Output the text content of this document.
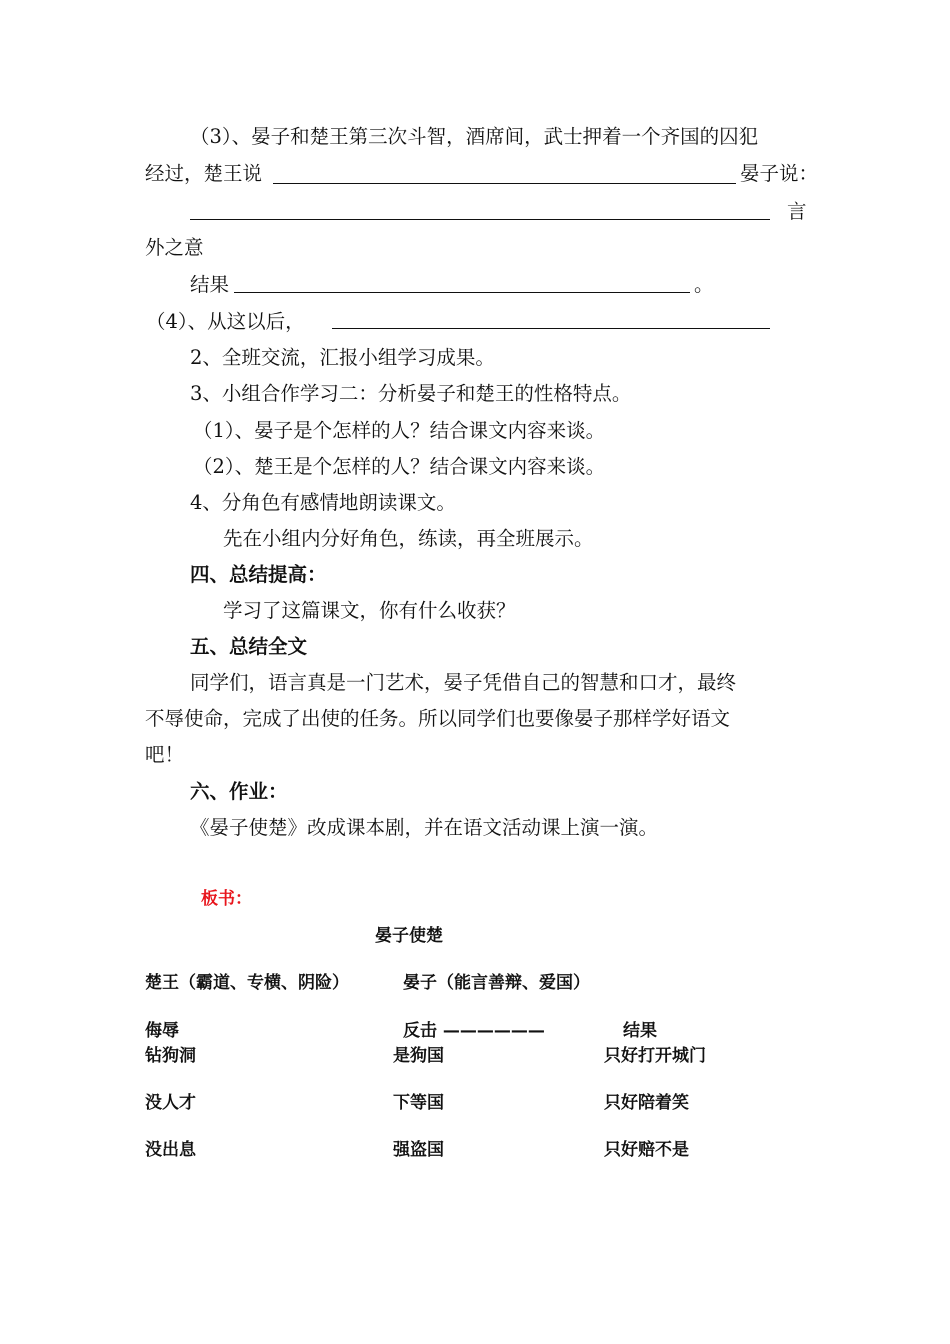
（3）、晏子和楚王第三次斗智，酒席间，武士押着一个齐国的囚犯
经过，楚王说	晏子说：
言
外之意
结果	。
（4）、从这以后，
2、全班交流，汇报小组学习成果。
3、小组合作学习二：分析晏子和楚王的性格特点。
（1）、晏子是个怎样的人？结合课文内容来谈。
（2）、楚王是个怎样的人？结合课文内容来谈。
4、分角色有感情地朗读课文。
先在小组内分好角色，练读，再全班展示。
四、总结提高：
学习了这篇课文，你有什么收获？
五、总结全文
同学们，语言真是一门艺术，晏子凭借自己的智慧和口才，最终
不辱使命，完成了出使的任务。所以同学们也要像晏子那样学好语文
吧！
六、作业：
《晏子使楚》改成课本剧，并在语文活动课上演一演。
板书：
晏子使楚
楚王（霸道、专横、阴险）	晏子（能言善辩、爱国）
侮辱	反击 ——————	结果
钻狗洞	是狗国	只好打开城门
没人才	下等国	只好陪着笑
没出息	强盗国	只好赔不是
